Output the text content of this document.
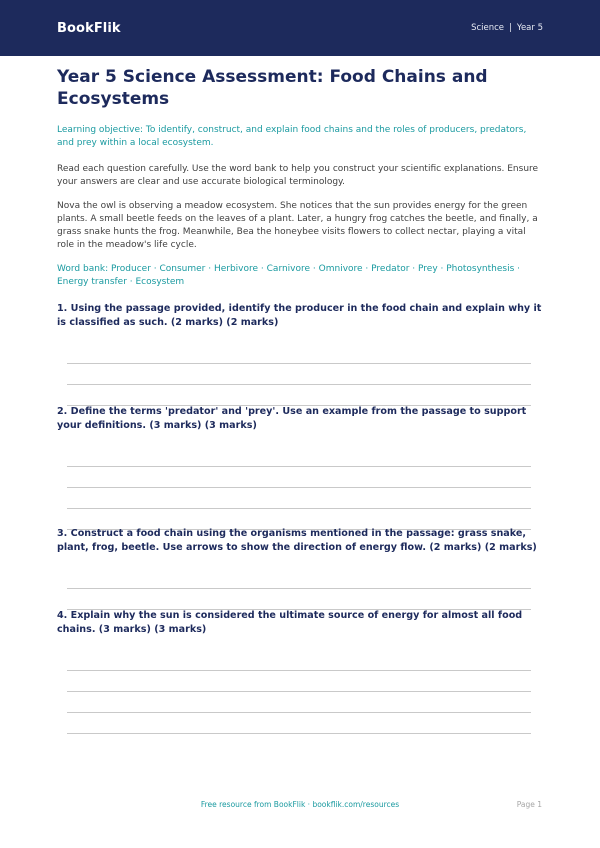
BookFlik	Science | Year 5
Year 5 Science Assessment: Food Chains and Ecosystems

Learning objective: To identify, construct, and explain food chains and the roles of producers, predators, and prey within a local ecosystem.

Read each question carefully. Use the word bank to help you construct your scientific explanations. Ensure your answers are clear and use accurate biological terminology.

Nova the owl is observing a meadow ecosystem. She notices that the sun provides energy for the green plants. A small beetle feeds on the leaves of a plant. Later, a hungry frog catches the beetle, and finally, a grass snake hunts the frog. Meanwhile, Bea the honeybee visits flowers to collect nectar, playing a vital role in the meadow's life cycle.

Word bank: Producer · Consumer · Herbivore · Carnivore · Omnivore · Predator · Prey · Photosynthesis · Energy transfer · Ecosystem

1. Using the passage provided, identify the producer in the food chain and explain why it is classified as such. (2 marks) (2 marks)

2. Define the terms 'predator' and 'prey'. Use an example from the passage to support your definitions. (3 marks) (3 marks)

3. Construct a food chain using the organisms mentioned in the passage: grass snake, plant, frog, beetle. Use arrows to show the direction of energy flow. (2 marks) (2 marks)

4. Explain why the sun is considered the ultimate source of energy for almost all food chains. (3 marks) (3 marks)

Free resource from BookFlik · bookflik.com/resources	Page 1
